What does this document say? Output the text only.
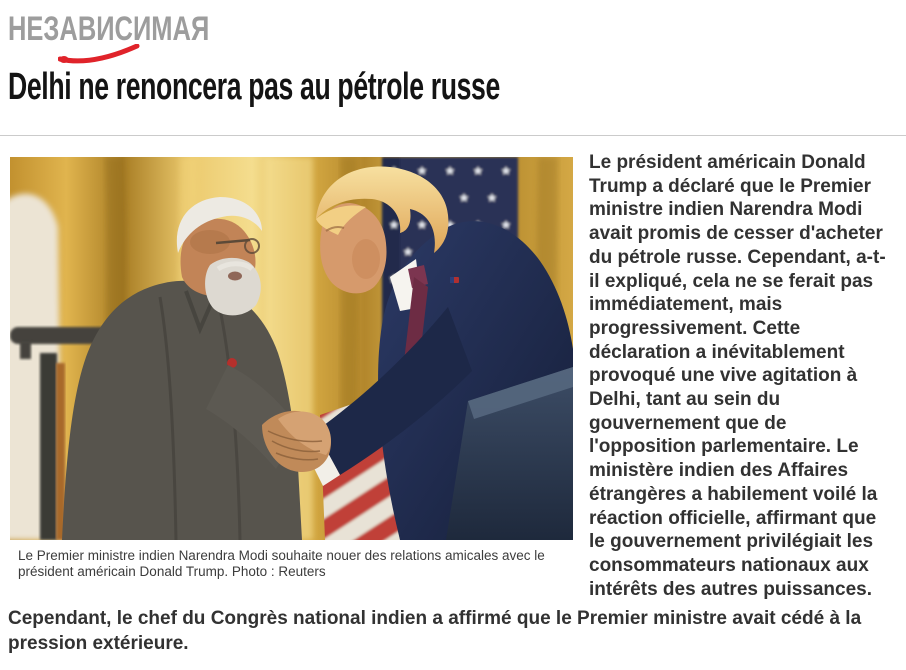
НЕЗАВИСИМАЯ
Delhi ne renoncera pas au pétrole russe
Le Premier ministre indien Narendra Modi souhaite nouer des relations amicales avec le président américain Donald Trump. Photo : Reuters

Le président américain Donald Trump a déclaré que le Premier ministre indien Narendra Modi avait promis de cesser d'acheter du pétrole russe. Cependant, a-t-il expliqué, cela ne se ferait pas immédiatement, mais progressivement. Cette déclaration a inévitablement provoqué une vive agitation à Delhi, tant au sein du gouvernement que de l'opposition parlementaire. Le ministère indien des Affaires étrangères a habilement voilé la réaction officielle, affirmant que le gouvernement privilégiait les consommateurs nationaux aux intérêts des autres puissances.

Cependant, le chef du Congrès national indien a affirmé que le Premier ministre avait cédé à la pression extérieure.
